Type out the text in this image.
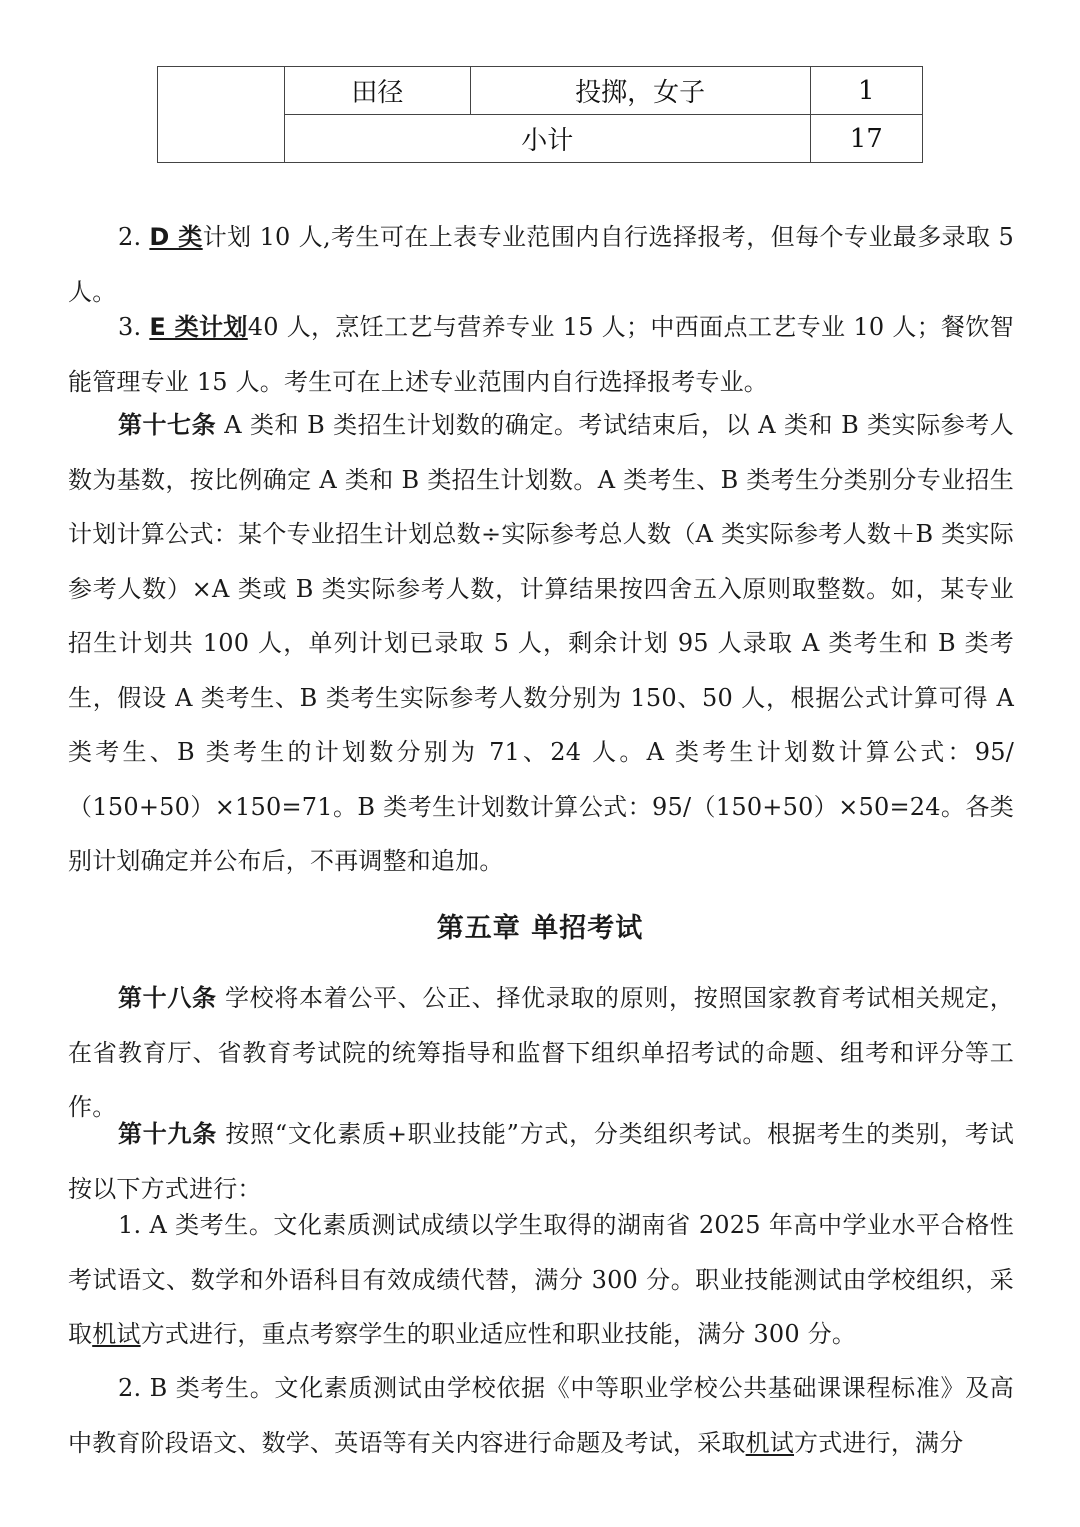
	田径	投掷，女子	1
	小计		17

2. D 类计划 10 人,考生可在上表专业范围内自行选择报考，但每个专业最多录取 5 人。

3. E 类计划40 人，烹饪工艺与营养专业 15 人；中西面点工艺专业 10 人；餐饮智能管理专业 15 人。考生可在上述专业范围内自行选择报考专业。

第十七条 A 类和 B 类招生计划数的确定。考试结束后，以 A 类和 B 类实际参考人数为基数，按比例确定 A 类和 B 类招生计划数。A 类考生、B 类考生分类别分专业招生计划计算公式：某个专业招生计划总数÷实际参考总人数（A 类实际参考人数＋B 类实际参考人数）×A 类或 B 类实际参考人数，计算结果按四舍五入原则取整数。如，某专业招生计划共 100 人，单列计划已录取 5 人，剩余计划 95 人录取 A 类考生和 B 类考生，假设 A 类考生、B 类考生实际参考人数分别为 150、50 人，根据公式计算可得 A 类考生、B 类考生的计划数分别为 71、24 人。A 类考生计划数计算公式：95/（150+50）×150=71。B 类考生计划数计算公式：95/（150+50）×50=24。各类别计划确定并公布后，不再调整和追加。

第五章 单招考试

第十八条 学校将本着公平、公正、择优录取的原则，按照国家教育考试相关规定，在省教育厅、省教育考试院的统筹指导和监督下组织单招考试的命题、组考和评分等工作。

第十九条 按照“文化素质+职业技能”方式，分类组织考试。根据考生的类别，考试按以下方式进行：

1. A 类考生。文化素质测试成绩以学生取得的湖南省 2025 年高中学业水平合格性考试语文、数学和外语科目有效成绩代替，满分 300 分。职业技能测试由学校组织，采取机试方式进行，重点考察学生的职业适应性和职业技能，满分 300 分。

2. B 类考生。文化素质测试由学校依据《中等职业学校公共基础课课程标准》及高中教育阶段语文、数学、英语等有关内容进行命题及考试，采取机试方式进行，满分
